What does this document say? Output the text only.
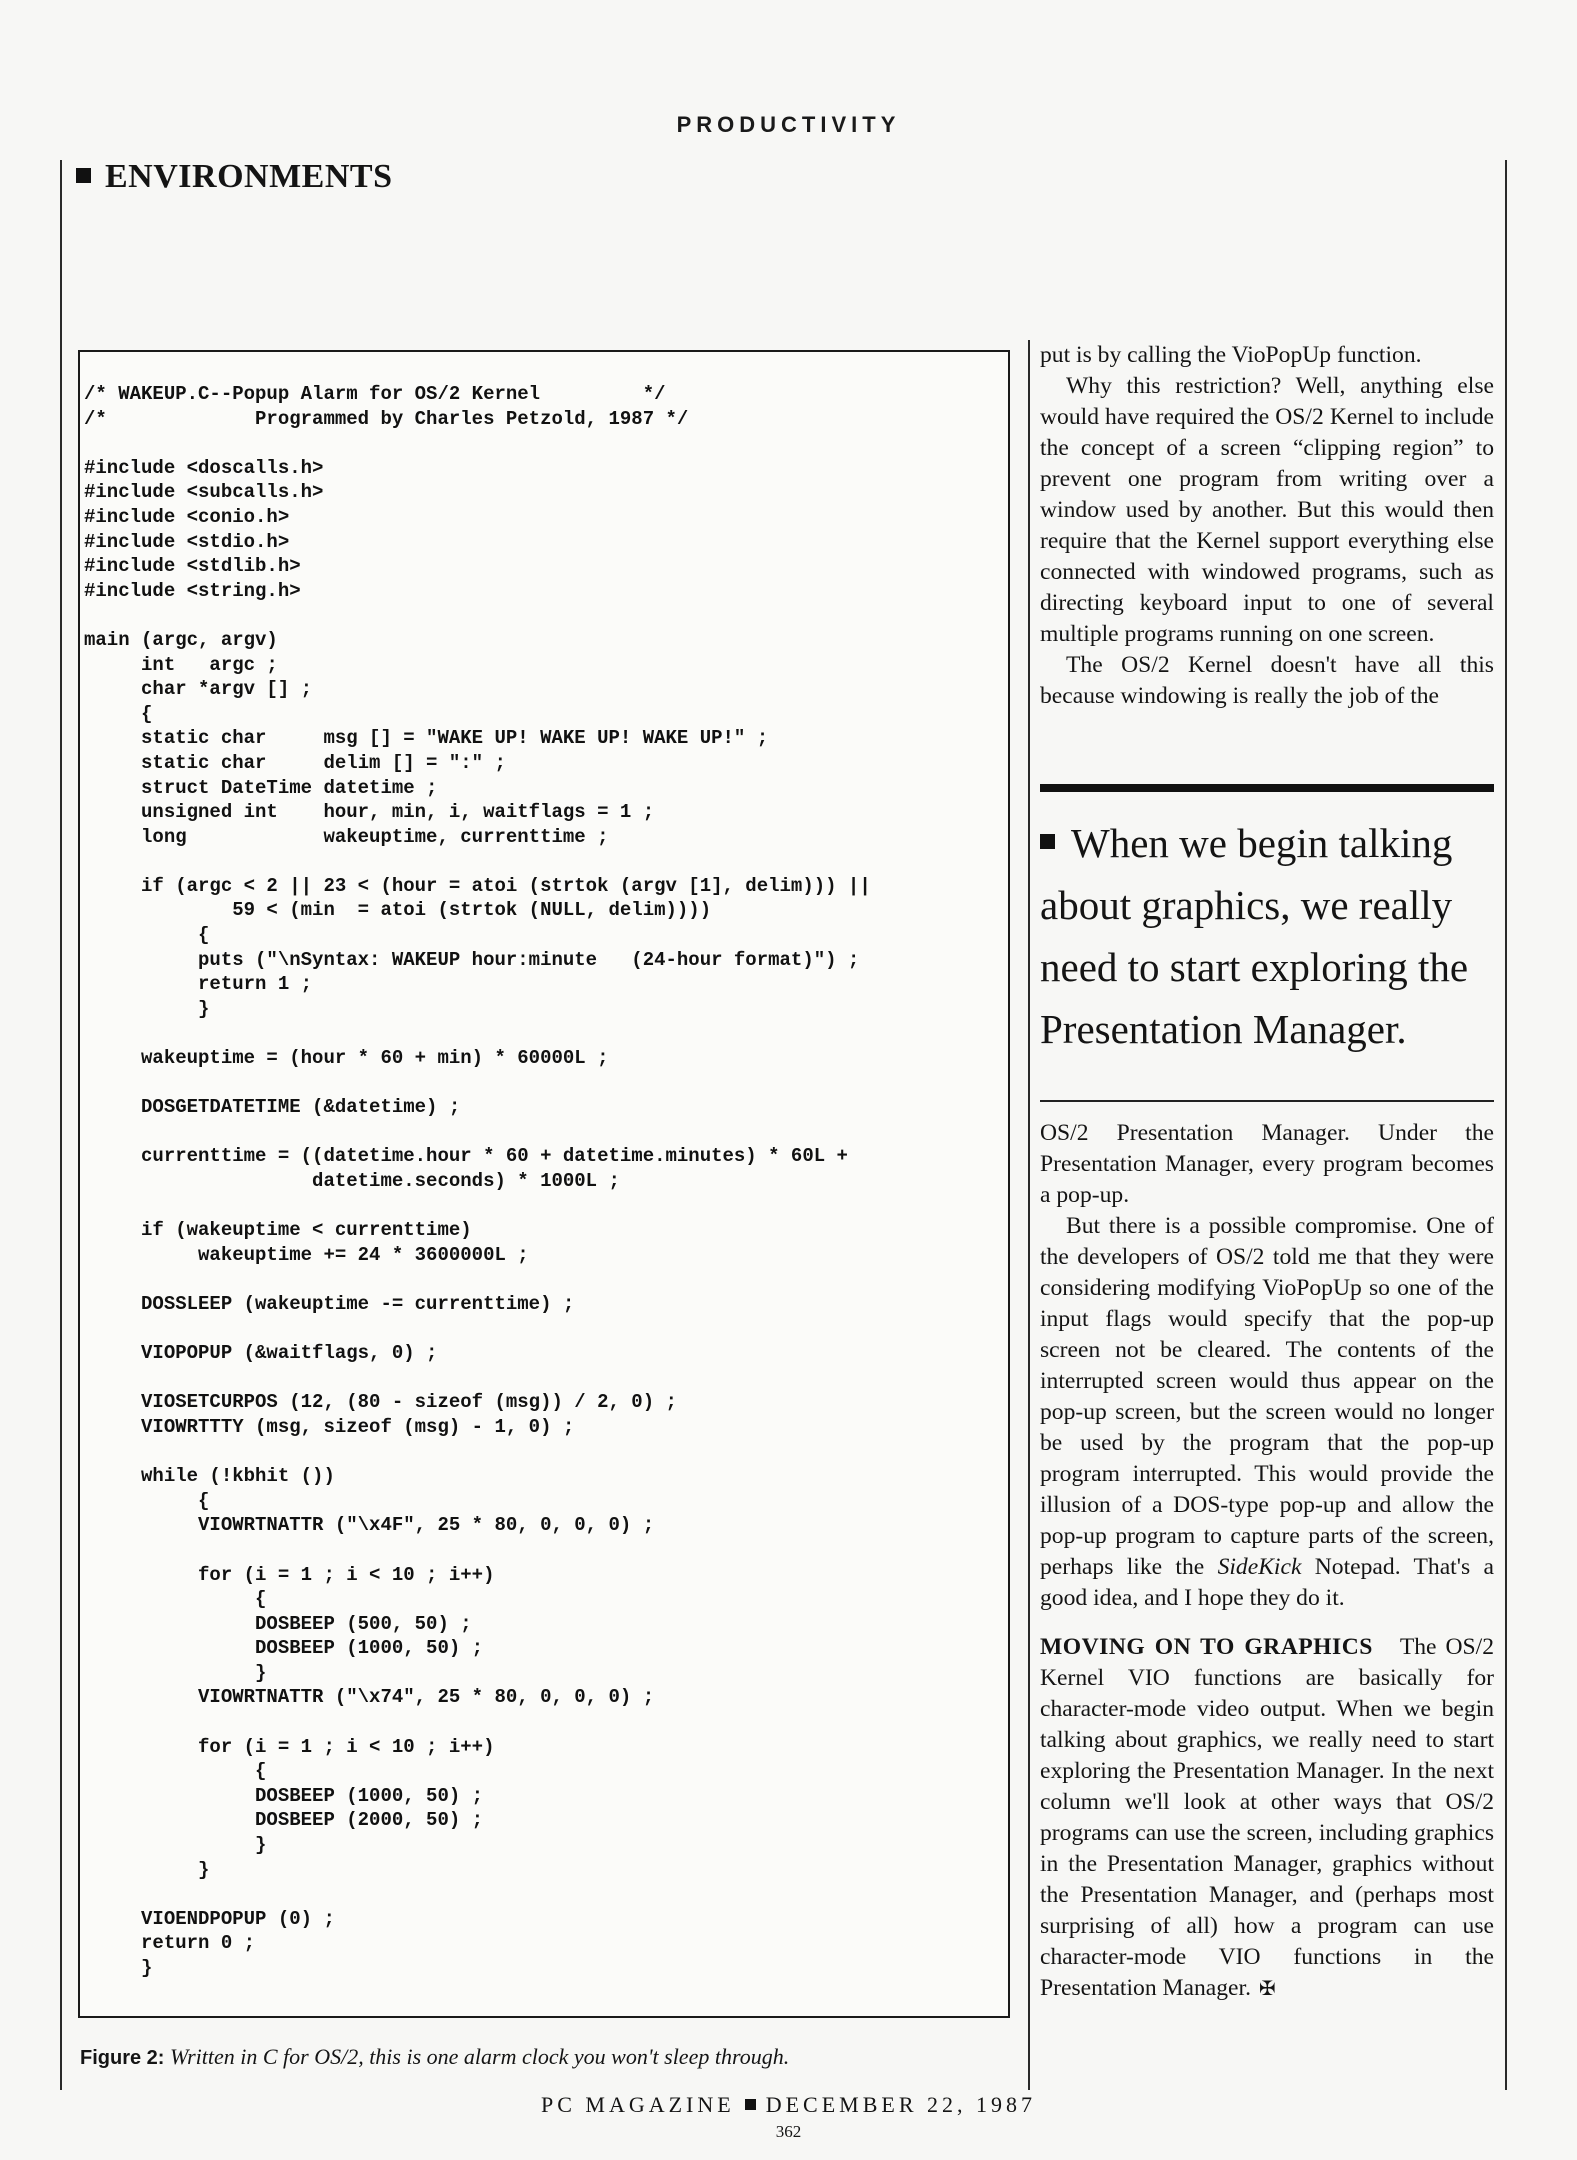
PRODUCTIVITY
ENVIRONMENTS
/* WAKEUP.C--Popup Alarm for OS/2 Kernel         */
/*             Programmed by Charles Petzold, 1987 */

#include <doscalls.h>
#include <subcalls.h>
#include <conio.h>
#include <stdio.h>
#include <stdlib.h>
#include <string.h>

main (argc, argv)
int   argc ;
char *argv [] ;
{
static char     msg [] = "WAKE UP! WAKE UP! WAKE UP!" ;
static char     delim [] = ":" ;
struct DateTime datetime ;
unsigned int    hour, min, i, waitflags = 1 ;
long            wakeuptime, currenttime ;

if (argc < 2 || 23 < (hour = atoi (strtok (argv [1], delim))) ||
59 < (min  = atoi (strtok (NULL, delim))))
{
puts ("\nSyntax: WAKEUP hour:minute   (24-hour format)") ;
return 1 ;
}

wakeuptime = (hour * 60 + min) * 60000L ;

DOSGETDATETIME (&datetime) ;

currenttime = ((datetime.hour * 60 + datetime.minutes) * 60L +
datetime.seconds) * 1000L ;

if (wakeuptime < currenttime)
wakeuptime += 24 * 3600000L ;

DOSSLEEP (wakeuptime -= currenttime) ;

VIOPOPUP (&waitflags, 0) ;

VIOSETCURPOS (12, (80 - sizeof (msg)) / 2, 0) ;
VIOWRTTTY (msg, sizeof (msg) - 1, 0) ;

while (!kbhit ())
{
VIOWRTNATTR ("\x4F", 25 * 80, 0, 0, 0) ;

for (i = 1 ; i < 10 ; i++)
{
DOSBEEP (500, 50) ;
DOSBEEP (1000, 50) ;
}
VIOWRTNATTR ("\x74", 25 * 80, 0, 0, 0) ;

for (i = 1 ; i < 10 ; i++)
{
DOSBEEP (1000, 50) ;
DOSBEEP (2000, 50) ;
}
}

VIOENDPOPUP (0) ;
return 0 ;
}
Figure 2: Written in C for OS/2, this is one alarm clock you won't sleep through.

put is by calling the VioPopUp function.

Why this restriction? Well, anything else would have required the OS/2 Kernel to include the concept of a screen “clipping region” to prevent one program from writing over a window used by another. But this would then require that the Kernel support everything else connected with windowed programs, such as directing keyboard input to one of several multiple programs running on one screen.

The OS/2 Kernel doesn't have all this because windowing is really the job of the

When we begin talking about graphics, we really need to start exploring the Presentation Manager.

OS/2 Presentation Manager. Under the Presentation Manager, every program becomes a pop-up.

But there is a possible compromise. One of the developers of OS/2 told me that they were considering modifying VioPopUp so one of the input flags would specify that the pop-up screen not be cleared. The contents of the interrupted screen would thus appear on the pop-up screen, but the screen would no longer be used by the program that the pop-up program interrupted. This would provide the illusion of a DOS-type pop-up and allow the pop-up program to capture parts of the screen, perhaps like the SideKick Notepad. That's a good idea, and I hope they do it.

MOVING ON TO GRAPHICS The OS/2 Kernel VIO functions are basically for character-mode video output. When we begin talking about graphics, we really need to start exploring the Presentation Manager. In the next column we'll look at other ways that OS/2 programs can use the screen, including graphics in the Presentation Manager, graphics without the Presentation Manager, and (perhaps most surprising of all) how a program can use character-mode VIO functions in the Presentation Manager. ✠

PC MAGAZINE DECEMBER 22, 1987
362
